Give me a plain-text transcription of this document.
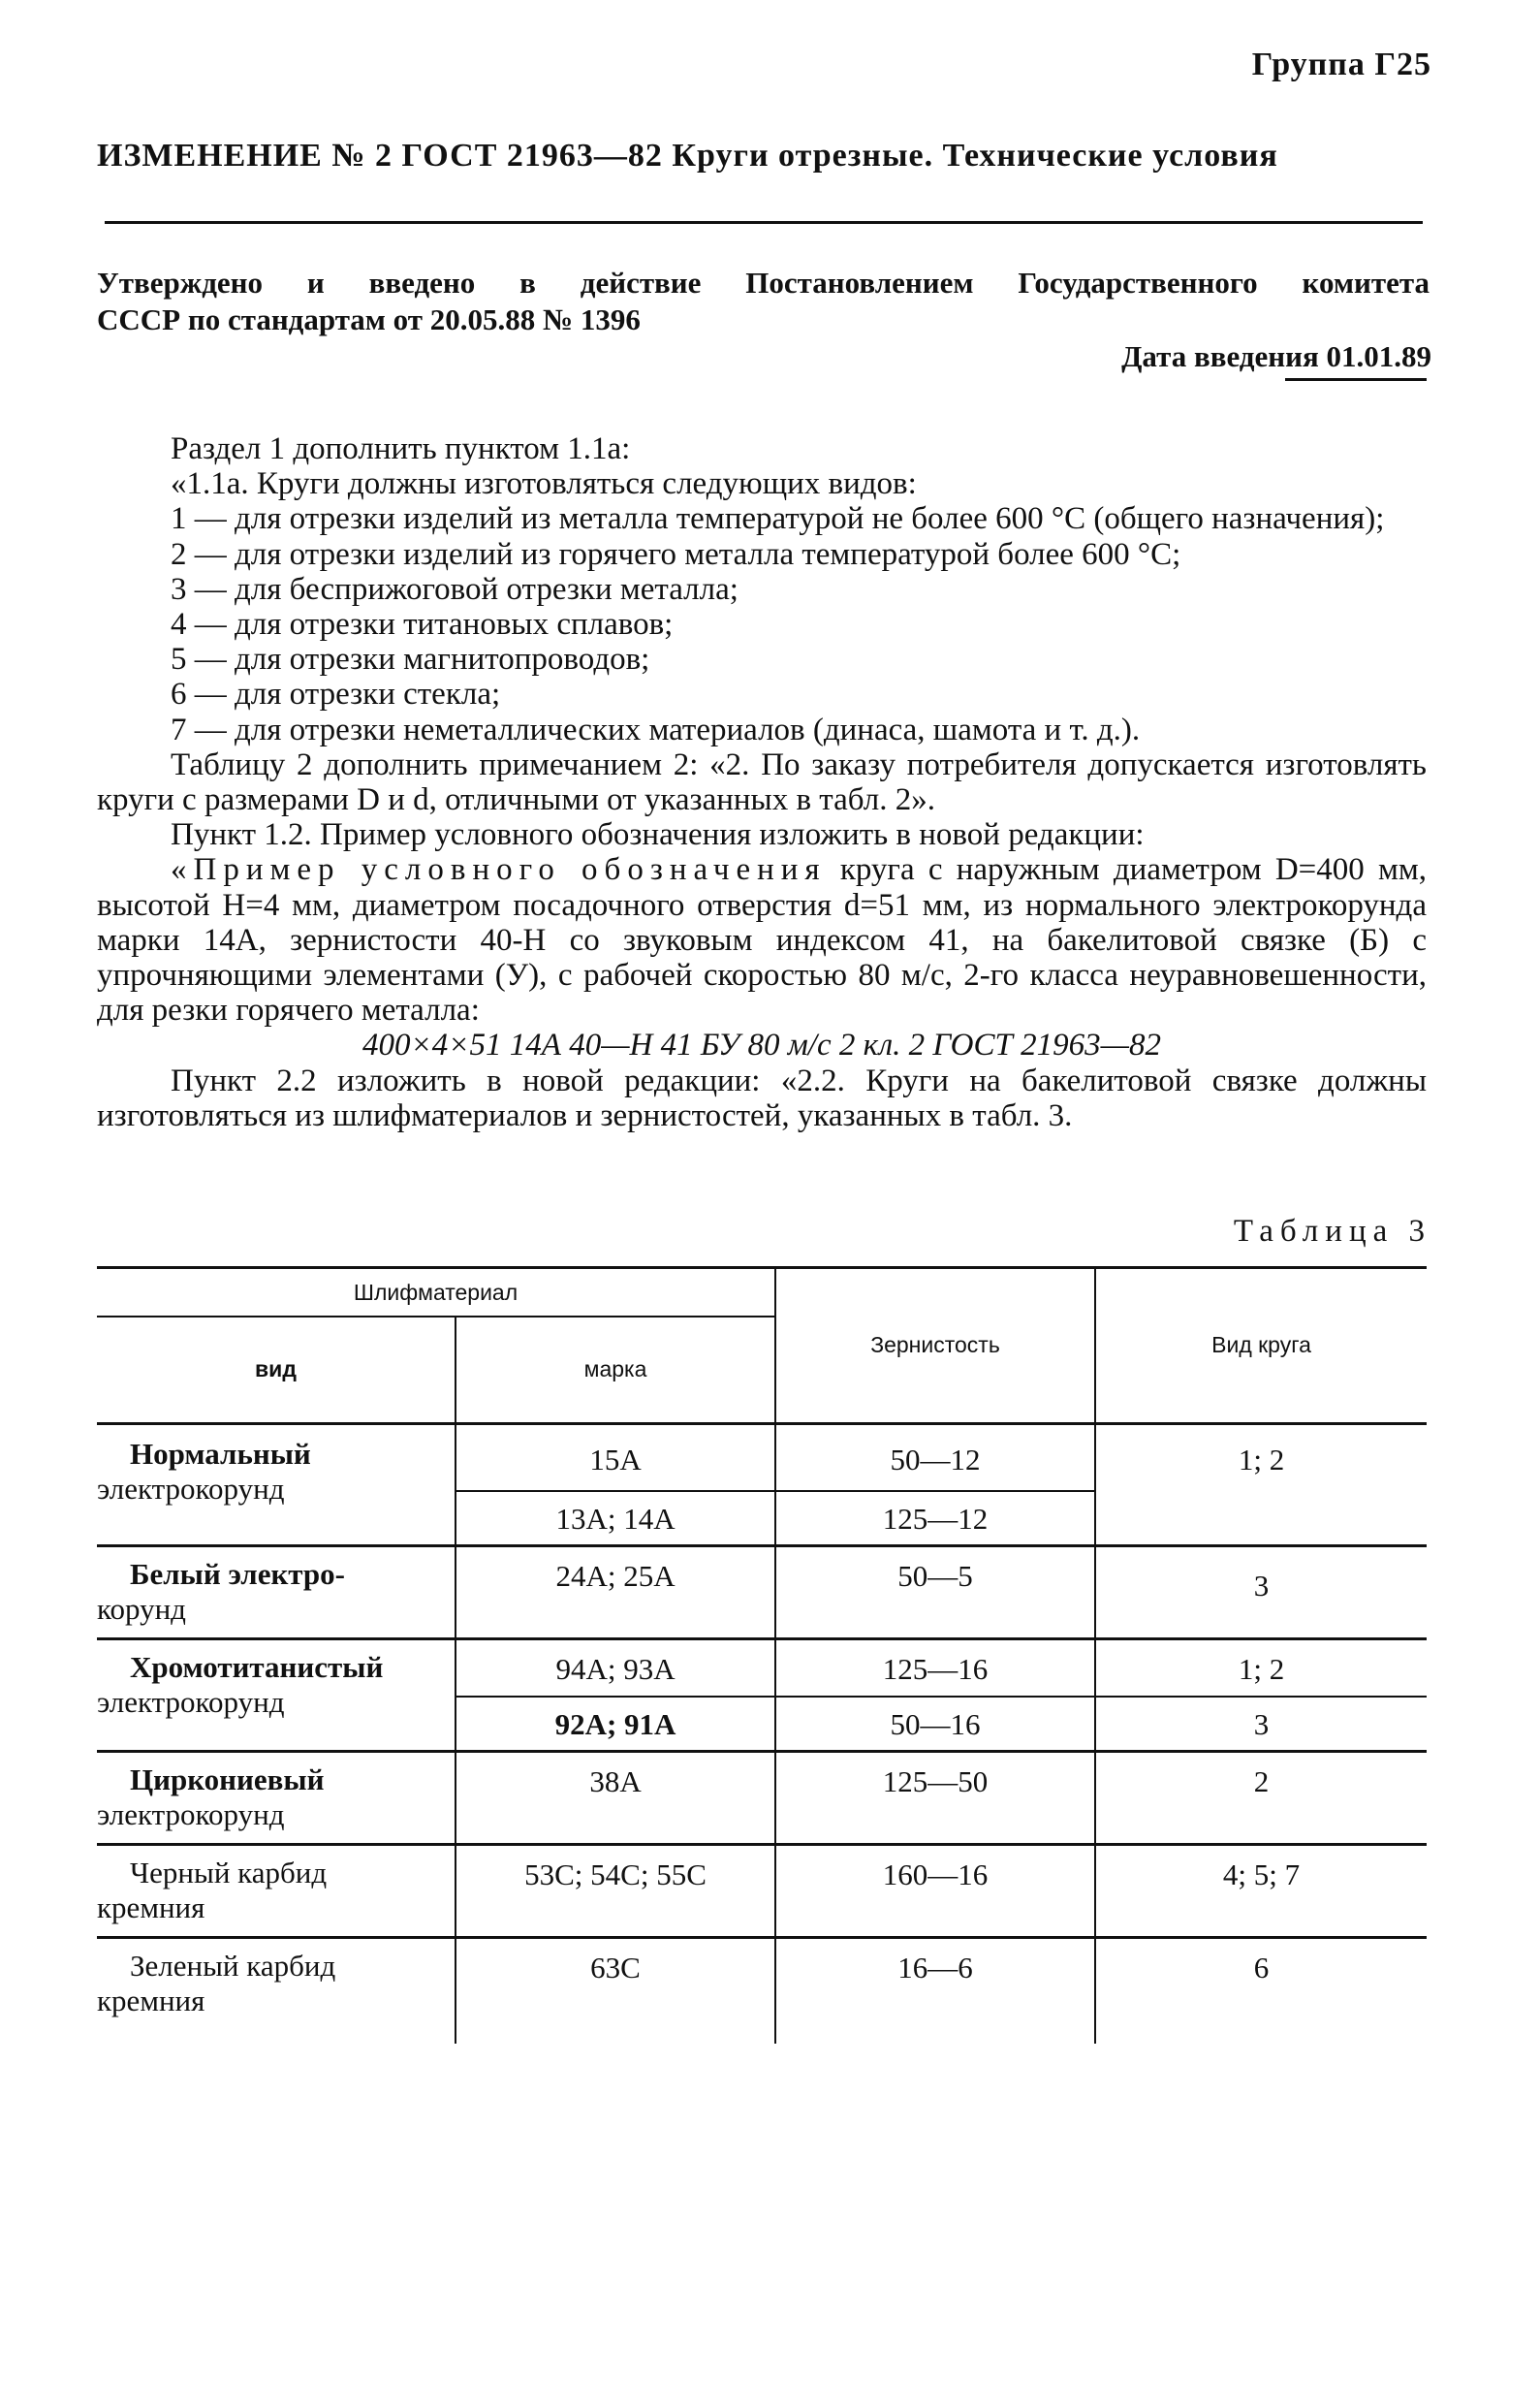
Группа Г25
ИЗМЕНЕНИЕ № 2 ГОСТ 21963—82 Круги отрезные. Технические условия
Утверждено и введено в действие Постановлением Государственного комитета
СССР по стандартам от 20.05.88 № 1396
Дата введения 01.01.89

Раздел 1 дополнить пунктом 1.1а:

«1.1а. Круги должны изготовляться следующих видов:

1 — для отрезки изделий из металла температурой не более 600 °С (общего назначения);

2 — для отрезки изделий из горячего металла температурой более 600 °С;

3 — для бесприжоговой отрезки металла;

4 — для отрезки титановых сплавов;

5 — для отрезки магнитопроводов;

6 — для отрезки стекла;

7 — для отрезки неметаллических материалов (динаса, шамота и т. д.).

Таблицу 2 дополнить примечанием 2: «2. По заказу потребителя допускается изготовлять круги с размерами D и d, отличными от указанных в табл. 2».

Пункт 1.2. Пример условного обозначения изложить в новой редакции:

«Пример условного обозначения круга с наружным диаметром D=400 мм, высотой H=4 мм, диаметром посадочного отверстия d=51 мм, из нормального электрокорунда марки 14А, зернистости 40-Н со звуковым индексом 41, на бакелитовой связке (Б) с упрочняющими элементами (У), с рабочей скоростью 80 м/с, 2-го класса неуравновешенности, для резки горячего металла:

400×4×51 14А 40—Н 41 БУ 80 м/с 2 кл. 2 ГОСТ 21963—82

Пункт 2.2 изложить в новой редакции: «2.2. Круги на бакелитовой связке должны изготовляться из шлифматериалов и зернистостей, указанных в табл. 3.

Таблица 3
Шлифматериал		Зернистость	Вид круга
вид	марка		

Нормальный
электрокорунд	15А	50—12	1; 2
	13А; 14А	125—12	

Белый электро-
корунд	24А; 25А	50—5	3

Хромотитанистый
электрокорунд	94А; 93А	125—16	1; 2
	92А; 91А	50—16	3

Циркониевый
электрокорунд	38А	125—50	2

Черный карбид
кремния	53С; 54С; 55С	160—16	4; 5; 7

Зеленый карбид
кремния	63С	16—6	6
